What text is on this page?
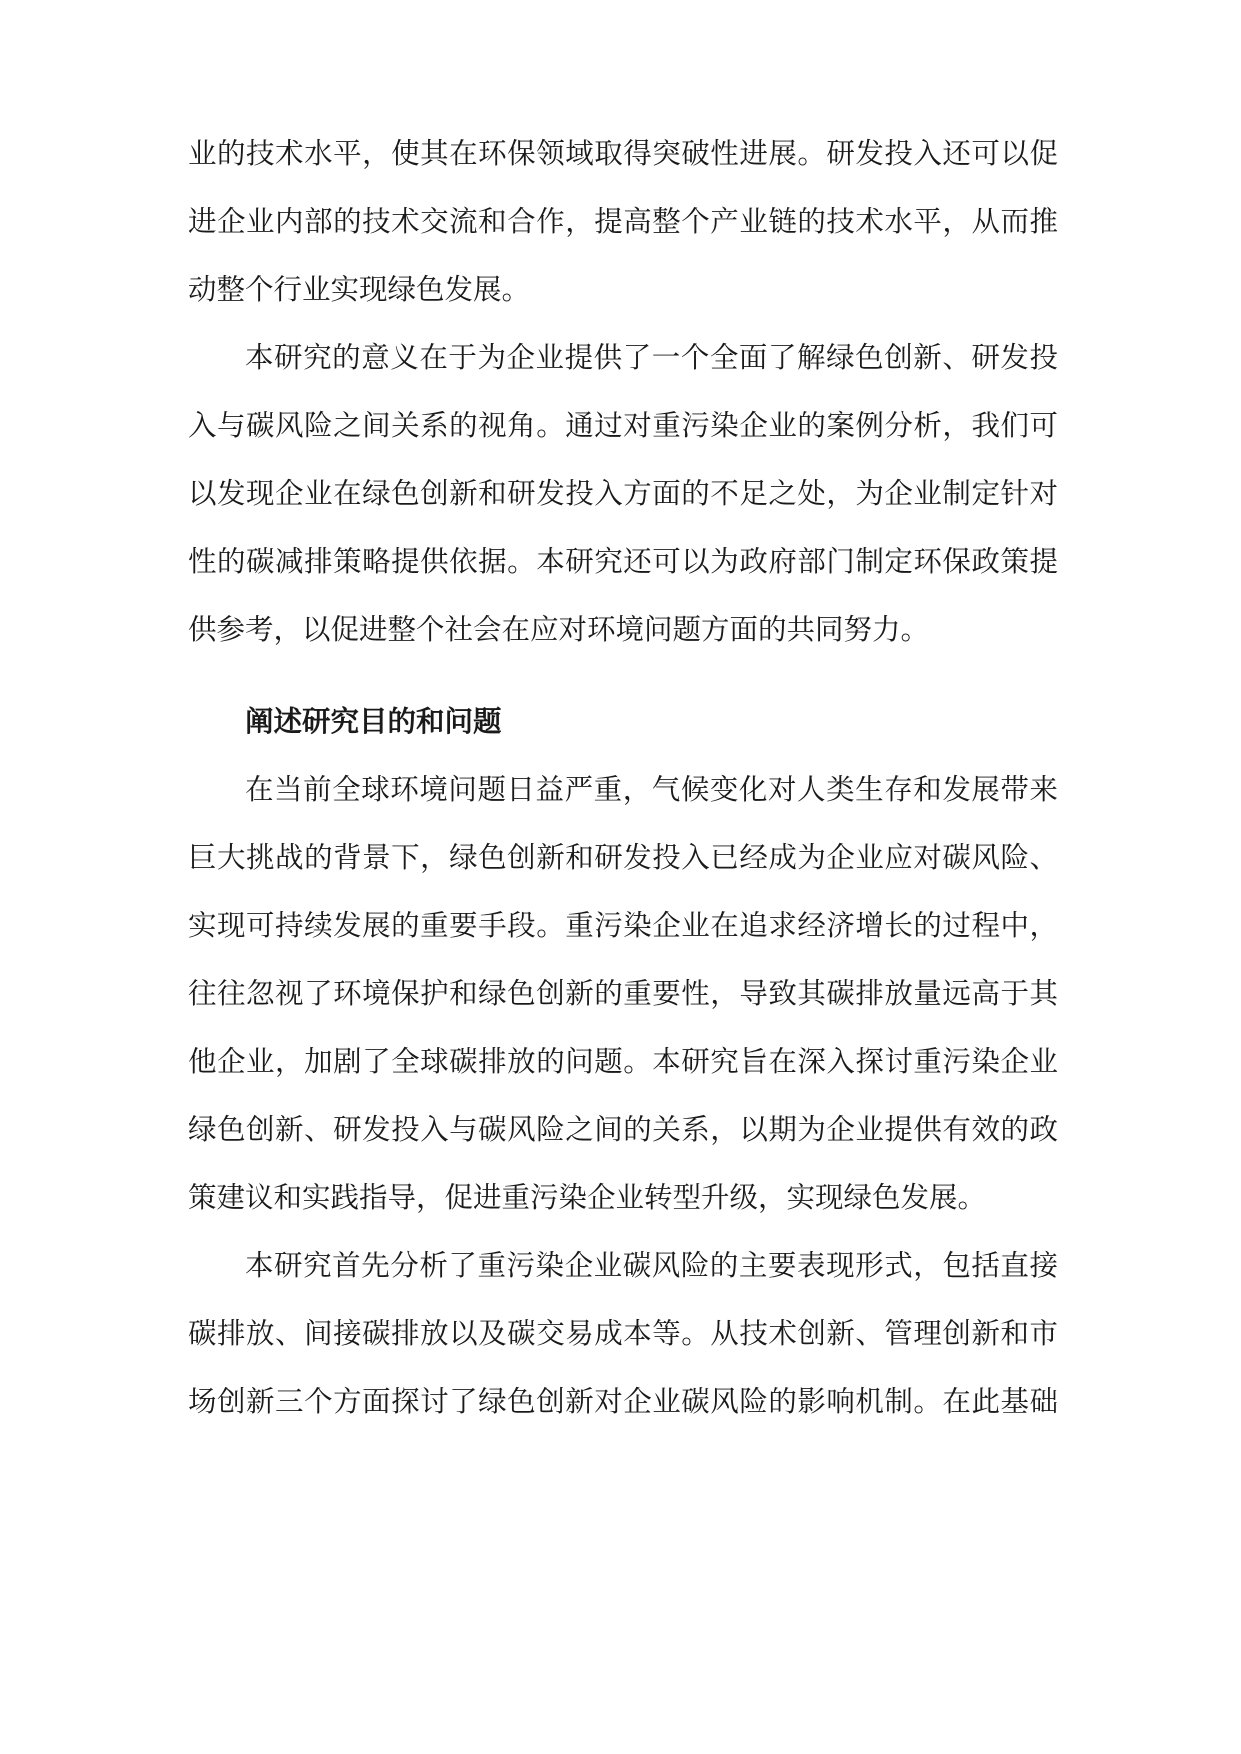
业的技术水平，使其在环保领域取得突破性进展。研发投入还可以促
进企业内部的技术交流和合作，提高整个产业链的技术水平，从而推
动整个行业实现绿色发展。
本研究的意义在于为企业提供了一个全面了解绿色创新、研发投
入与碳风险之间关系的视角。通过对重污染企业的案例分析，我们可
以发现企业在绿色创新和研发投入方面的不足之处，为企业制定针对
性的碳减排策略提供依据。本研究还可以为政府部门制定环保政策提
供参考，以促进整个社会在应对环境问题方面的共同努力。
阐述研究目的和问题
在当前全球环境问题日益严重，气候变化对人类生存和发展带来
巨大挑战的背景下，绿色创新和研发投入已经成为企业应对碳风险、
实现可持续发展的重要手段。重污染企业在追求经济增长的过程中，
往往忽视了环境保护和绿色创新的重要性，导致其碳排放量远高于其
他企业，加剧了全球碳排放的问题。本研究旨在深入探讨重污染企业
绿色创新、研发投入与碳风险之间的关系，以期为企业提供有效的政
策建议和实践指导，促进重污染企业转型升级，实现绿色发展。
本研究首先分析了重污染企业碳风险的主要表现形式，包括直接
碳排放、间接碳排放以及碳交易成本等。从技术创新、管理创新和市
场创新三个方面探讨了绿色创新对企业碳风险的影响机制。在此基础
